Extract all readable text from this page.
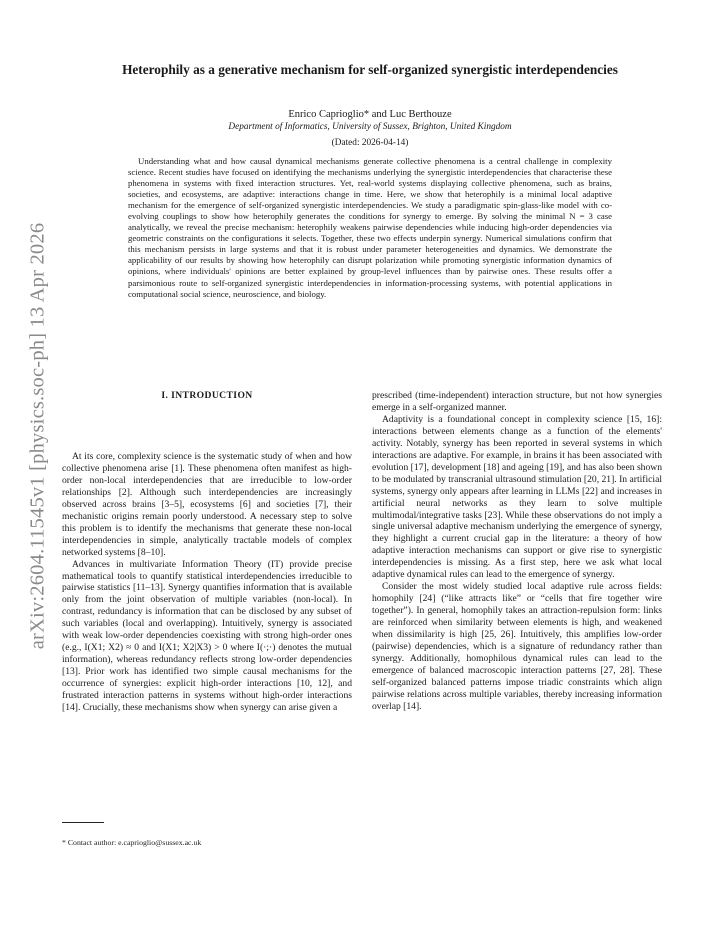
arXiv:2604.11545v1 [physics.soc-ph] 13 Apr 2026
Heterophily as a generative mechanism for self-organized synergistic interdependencies
Enrico Caprioglio* and Luc Berthouze
Department of Informatics, University of Sussex, Brighton, United Kingdom
(Dated: 2026-04-14)

Understanding what and how causal dynamical mechanisms generate collective phenomena is a central challenge in complexity science. Recent studies have focused on identifying the mechanisms underlying the synergistic interdependencies that characterise these phenomena in systems with fixed interaction structures. Yet, real-world systems displaying collective phenomena, such as brains, societies, and ecosystems, are adaptive: interactions change in time. Here, we show that heterophily is a minimal local adaptive mechanism for the emergence of self-organized synergistic interdependencies. We study a paradigmatic spin-glass-like model with co-evolving couplings to show how heterophily generates the conditions for synergy to emerge. By solving the minimal N = 3 case analytically, we reveal the precise mechanism: heterophily weakens pairwise dependencies while inducing high-order dependencies via geometric constraints on the configurations it selects. Together, these two effects underpin synergy. Numerical simulations confirm that this mechanism persists in large systems and that it is robust under parameter heterogeneities and dynamics. We demonstrate the applicability of our results by showing how heterophily can disrupt polarization while promoting synergistic information dynamics of opinions, where individuals' opinions are better explained by group-level influences than by pairwise ones. These results offer a parsimonious route to self-organized synergistic interdependencies in information-processing systems, with potential applications in computational social science, neuroscience, and biology.

I. INTRODUCTION

At its core, complexity science is the systematic study of when and how collective phenomena arise [1]. These phenomena often manifest as high-order non-local interdependencies that are irreducible to low-order relationships [2]. Although such interdependencies are increasingly observed across brains [3–5], ecosystems [6] and societies [7], their mechanistic origins remain poorly understood. A necessary step to solve this problem is to identify the mechanisms that generate these non-local interdependencies in simple, analytically tractable models of complex networked systems [8–10].

Advances in multivariate Information Theory (IT) provide precise mathematical tools to quantify statistical interdependencies irreducible to pairwise statistics [11–13]. Synergy quantifies information that is available only from the joint observation of multiple variables (non-local). In contrast, redundancy is information that can be disclosed by any subset of such variables (local and overlapping). Intuitively, synergy is associated with weak low-order dependencies coexisting with strong high-order ones (e.g., I(X1; X2) ≈ 0 and I(X1; X2|X3) > 0 where I(·;·) denotes the mutual information), whereas redundancy reflects strong low-order dependencies [13]. Prior work has identified two simple causal mechanisms for the occurrence of synergies: explicit high-order interactions [10, 12], and frustrated interaction patterns in systems without high-order interactions [14]. Crucially, these mechanisms show when synergy can arise given a

prescribed (time-independent) interaction structure, but not how synergies emerge in a self-organized manner.

Adaptivity is a foundational concept in complexity science [15, 16]: interactions between elements change as a function of the elements' activity. Notably, synergy has been reported in several systems in which interactions are adaptive. For example, in brains it has been associated with evolution [17], development [18] and ageing [19], and has also been shown to be modulated by transcranial ultrasound stimulation [20, 21]. In artificial systems, synergy only appears after learning in LLMs [22] and increases in artificial neural networks as they learn to solve multiple multimodal/integrative tasks [23]. While these observations do not imply a single universal adaptive mechanism underlying the emergence of synergy, they highlight a current crucial gap in the literature: a theory of how adaptive interaction mechanisms can support or give rise to synergistic interdependencies is missing. As a first step, here we ask what local adaptive dynamical rules can lead to the emergence of synergy.

Consider the most widely studied local adaptive rule across fields: homophily [24] (“like attracts like” or “cells that fire together wire together”). In general, homophily takes an attraction-repulsion form: links are reinforced when similarity between elements is high, and weakened when dissimilarity is high [25, 26]. Intuitively, this amplifies low-order (pairwise) dependencies, which is a signature of redundancy rather than synergy. Additionally, homophilous dynamical rules can lead to the emergence of balanced macroscopic interaction patterns [27, 28]. These self-organized balanced patterns impose triadic constraints which align pairwise relations across multiple variables, thereby increasing information overlap [14].

* Contact author: e.caprioglio@sussex.ac.uk
